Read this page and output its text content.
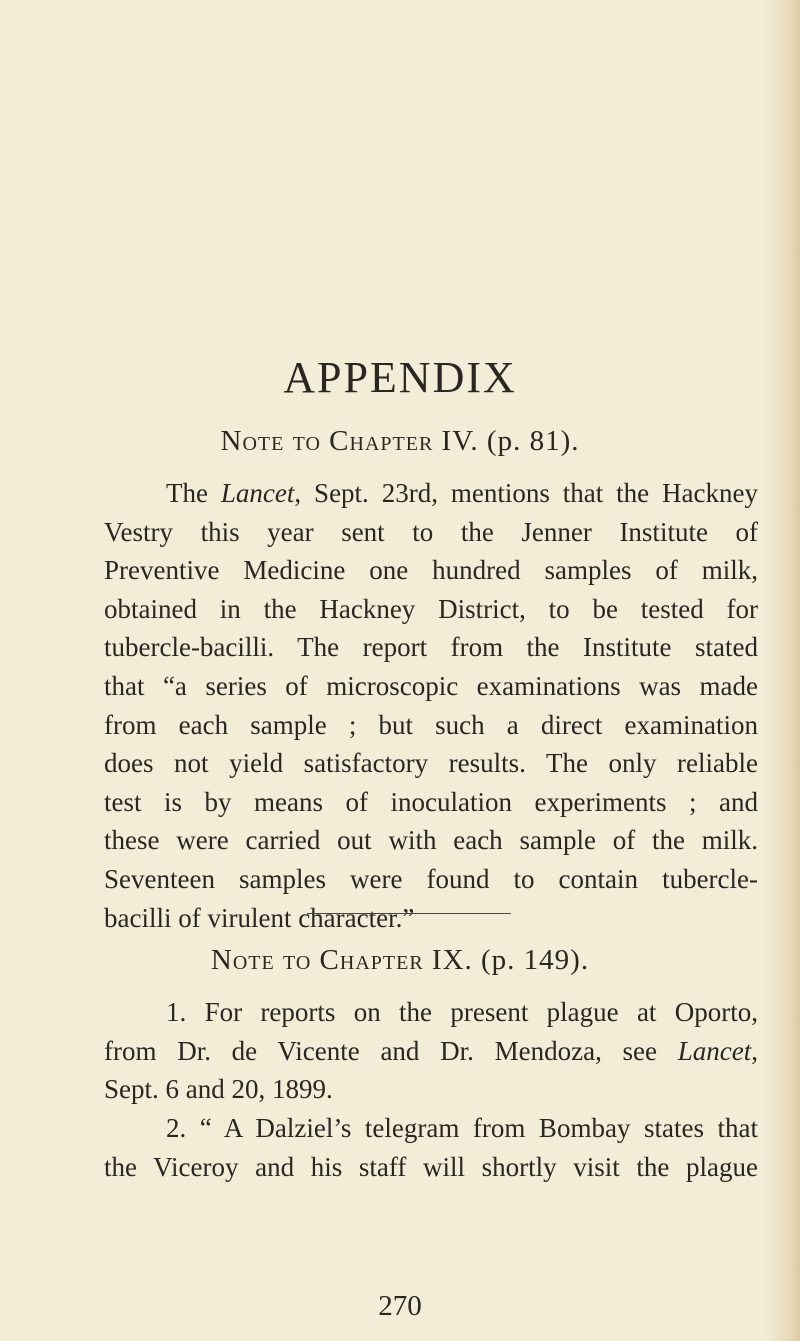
APPENDIX
Note to Chapter IV. (p. 81).
The Lancet, Sept. 23rd, mentions that the Hackney
Vestry this year sent to the Jenner Institute of
Preventive Medicine one hundred samples of milk,
obtained in the Hackney District, to be tested for
tubercle-bacilli. The report from the Institute stated
that “a series of microscopic examinations was made
from each sample ; but such a direct examination
does not yield satisfactory results. The only reliable
test is by means of inoculation experiments ; and
these were carried out with each sample of the milk.
Seventeen samples were found to contain tubercle-
bacilli of virulent character.”
Note to Chapter IX. (p. 149).
1. For reports on the present plague at Oporto,
from Dr. de Vicente and Dr. Mendoza, see Lancet,
Sept. 6 and 20, 1899.
2. “ A Dalziel’s telegram from Bombay states that
the Viceroy and his staff will shortly visit the plague

270
